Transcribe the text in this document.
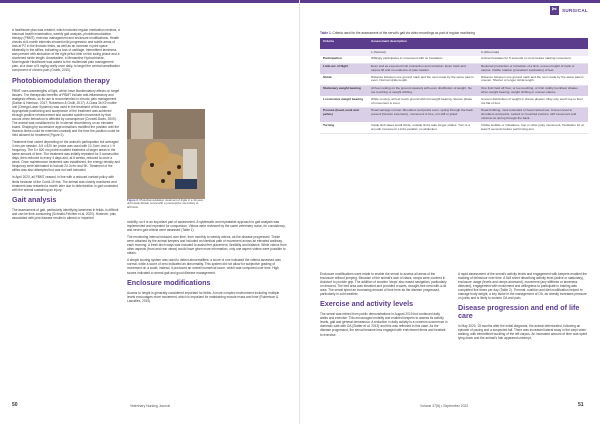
✂	SURGICAL

A healthcare plan was created, which included regular medication reviews, a biannual health examination, weekly gait analysis, photobiomodulation therapy (PBMT), exercise management and enclosure modifications. Health checks at 6-month intervals showed mild progression and subtle areas of loss at P2 in the thoracic limbs, as well as an increase in joint space bilaterally in the stifles, indicating a loss of cartilage. Intermittent lameness was present with abduction of the right pelvic limb on the swing phase and a shortened stride length. Amantadine, a Memantine Hydrochloride, Morningside Healthcare was added to the multimodal pain management plan, at a dose of 5 mg/kg orally once daily, to target the central sensitisation component of chronic pain (Grubb, 2010).

Photobiomodulation therapy

PBMT uses wavelengths of light, which have biostimulatory effects on target tissues. The therapeutic benefits of PBMT include anti-inflammatory and analgesic effects, so its use is recommended in chronic pain management (Dalton & Harrison, 2017; Robertson & Grolli, 2017). A Class 3b K9 mobile unit (Omega Laser Systems) was used in the treatment of this case. Appropriate positioning and acceptance of the treatment was achieved through positive reinforcement and avoided sudden movement by that occurs when behaviour is affected by consequence (Crowell-Davis, 2009). The animal was conditioned to lie in sternal recumbency on an elevated board. Shaping by successive approximations modified the position until the thoracic limbs could be extended cranially and the time the position could be held allowed for treatment (Figure 2).

Treatment time varied depending on the animal's participation but averaged 4 min per session. A 5 x 820 nm probe was used with 10 J/cm² and a 1 H frequency. The 5 x 820 nm probe enabled treatment of larger areas in the same amount of time. The treatment was initially repeated for 3 consecutive days, then reduced to every 4 days and, at 8 weeks, reduced to once a week. Once maintenance treatment was established, the energy density and frequency were alternated to include 24 J/cm² and 5K. Treatment of the stifles was also attempted but was not well tolerated.

In April 2020, all PBMT ceased, in line with a reduced contact policy with limits because of the Covid-19 risk. The animal was closely monitored and treatment was restarted a month later due to deterioration in gait consistent with the animal sustaining an injury.

Gait analysis

The assessment of gait, particularly identifying lameness in felids, is difficult and can be time-consuming (Schnabl-Feichter et al, 2020). However, pain associated with joint disease results in altered or impaired

Figure 2. Photobiomodulation treatment of digits in a 10-year-old female African serval with a presumptive secondary to arthrosis.

mobility, so it is an important part of assessment. A systematic and repeatable approach to gait analysis was implemented and repeated for comparison. Videos were reviewed by the same veterinary nurse, for consistency, and seven gait criteria were assessed (Table 1).

The monitoring interval reduced over time, from monthly to weekly videos, as the disease progressed. These were obtained by the animal keepers and included an identical path of movement across an elevated walkway each morning. A fresh birch ways was included to assist feet placement, flexibility and balance. While videos from other aspects (front and rear views) would have given more information, only one aspect videos were possible to obtain.

A simple scoring system was used to detect abnormalities: a score of one indicated the criteria assessed was normal, while a score of zero indicated an abnormality. This system did not allow for subjective grading of movement on a scale; instead, it produced an overall numerical score, which was compared over time. High scores indicated a normal gait and good disease management.

Enclosure modifications

Access to height is generally considered important for felids. A more complex environment including multiple levels encourages more movement, which is important for maintaining muscle mass and tone (Robertson & Lascelles, 2010).

50	Veterinary Nursing Journal
Table 1. Criteria used for the assessment of the serval's gait via video recordings as part of regular monitoring
Criteria	Assessment description	
	1 (Normal)	0 (Abnormal)
Participation	Willingly participates in movement with no hesitation.	Animal hesitates for 5 seconds or more before starting movement.
Limb arc of flight	Even and as expected limb protraction and retraction. Even track and carpus lift and no evidence of paw rotation.	Reduced protraction or retraction of a limb, uneven height of track or carpus. Visible rotation (pronation/ supination) of feet.
Stride	Distance between one ground mark and the next made by the same paw is even. Normal stride length.	Distance between one ground mark and the next made by the same paw is uneven. Shorter or longer stride length.
Stationary weight bearing	All feet resting on the ground squarely with even distribution of weight. No toe touching or weight shifting.	One limb held off floor, or toe touching, or limb visibly trembles/ shakes when weight bearing; weight shifting or uneven stance.
Locomotive weight bearing	While moving, all feet touch ground with full weight bearing. Stance phase of movement is even.	Uneven distribution of weight in stance phases. May only touch toe to floor, not flat of foot.
Posture (head, neck and pelvis)	Head carriage normal. Shoulders and pelvis even, spring through the back present (flexion/ extension), movement is free, not stiff or jolted.	Head bobbing, neck extended or head carried low. Uneven level to shoulders and pelvis, tucked or crouched posture, stiff movement and minimal-no spring through the back.
Turning	Inside limb takes small stride, outside limbs take longer strides. Turn is a smooth movement. Limbs parallel, no abduction.	Visible wobble or imbalance, hop or other jerky movement. Hesitation for at least 5 seconds before performing turn.

Enclosure modifications were made to enable the serval to access all areas of the enclosure without jumping. Because of the animal's lack of claws, ramps were covered in Astroturf to provide grip. The addition of wooden 'steps' also eased navigation, particularly on descent. The bed area was elevated and provided a warm, draught-free nest-with-a-lid area. The serval spent an increasing amount of time here as the disease progressed, particularly in cold weather.

Exercise and activity levels

The serval was retired from public demonstrations in August 2019 but continued daily walks and exercise. This encouraged mobility and enabled keepers to assess its activity levels, gait and general demeanour. A reduction in daily activity is a common occurrence in domestic cats with OA (Slatter et al, 2013) and this was reflected in this case. As the disease progressed, the serval became less engaged with enrichment items and hesitant to exercise.

A rapid assessment of the serval's activity levels and engagement with keepers enabled the tracking of behaviour over time. A 5x5 sheet describing activity level (active or stationary), enclosure usage (levels and ramps accessed), movement (any stiffness or lameness detected), engagement with enrichment and willingness to participate in training was completed five times per day (Table 2). Thermal, nutrition and diet modification helped to manage body weight, a key factor in the management of OA, as obesity increases pressure on joints and is likely to worsen OA and pain.

Disease progression and end of life care

In May 2020, 15 months after the initial diagnosis, the animal deteriorated, following an episode of pacing and a suspected fall. There was increased lateral sway in the carpi when walking, with intermittent buckling of the left carpus. An increased amount of time was spent lying down and the animal's hair appeared unkempt,

Volume 37(8) • September 2022	51
